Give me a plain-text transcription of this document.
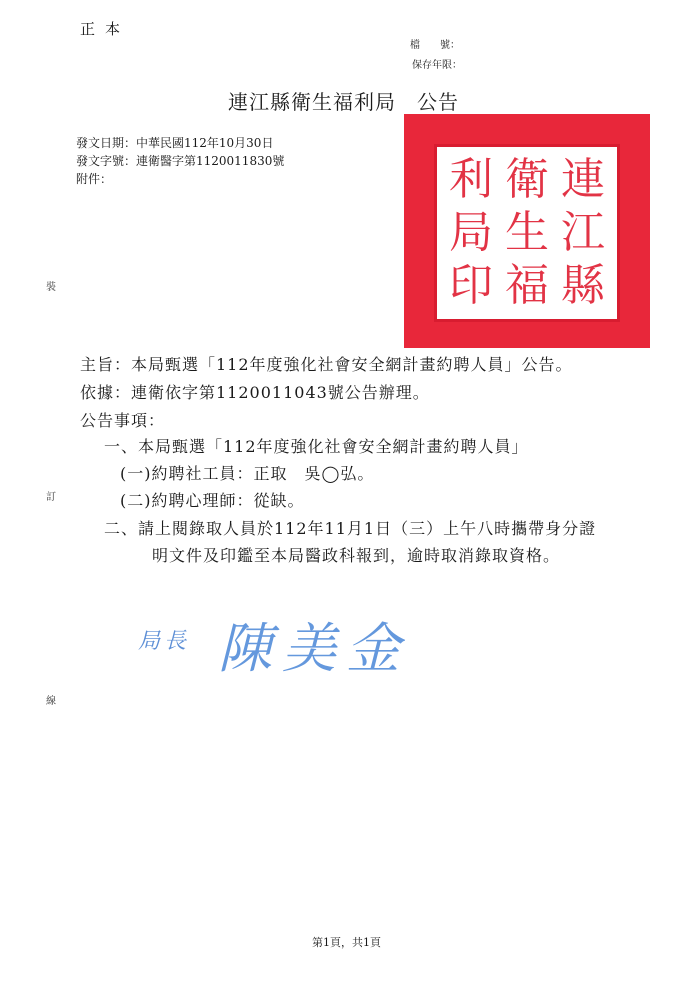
正本
檔　　號：
保存年限：
連江縣衛生福利局　公告
發文日期：中華民國112年10月30日
發文字號：連衛醫字第1120011830號
附件：	連
江
縣
衛
生
福
利
局
印
裝
訂
線
主旨：本局甄選「112年度強化社會安全網計畫約聘人員」公告。
依據：連衛依字第1120011043號公告辦理。
公告事項：
一、本局甄選「112年度強化社會安全網計畫約聘人員」
(一)約聘社工員：正取　吳◯弘。
(二)約聘心理師：從缺。
二、請上閱錄取人員於112年11月1日（三）上午八時攜帶身分證
明文件及印鑑至本局醫政科報到，逾時取消錄取資格。
局長 陳美金
第1頁，共1頁
